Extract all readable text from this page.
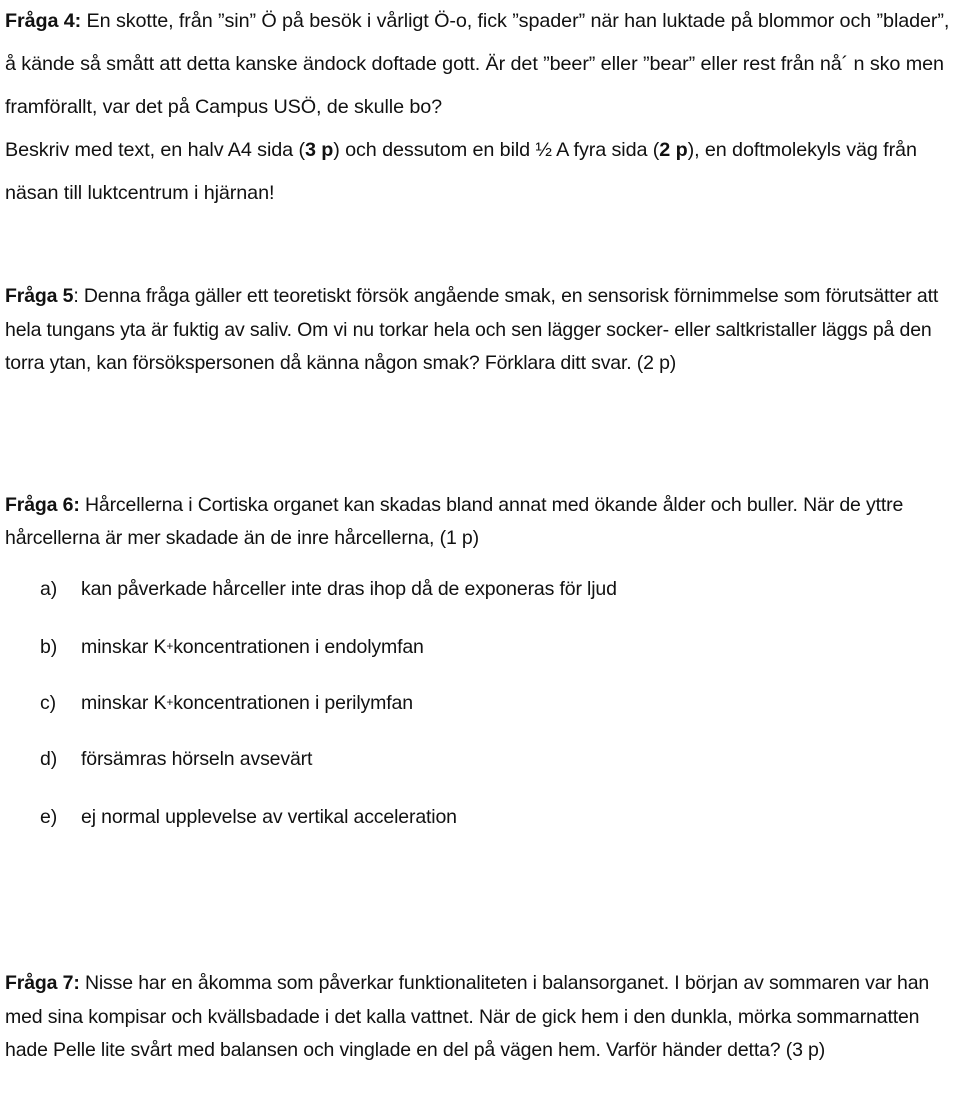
Fråga 4: En skotte, från ”sin” Ö på besök i vårligt Ö-o, fick ”spader” när han luktade på blommor och ”blader”, å kände så smått att detta kanske ändock doftade gott. Är det ”beer” eller ”bear” eller rest från nå´ n sko men framförallt, var det på Campus USÖ, de skulle bo?
Beskriv med text, en halv A4 sida (3 p) och dessutom en bild ½ A fyra sida (2 p), en doftmolekyls väg från näsan till luktcentrum i hjärnan!
Fråga 5: Denna fråga gäller ett teoretiskt försök angående smak, en sensorisk förnimmelse som förutsätter att hela tungans yta är fuktig av saliv. Om vi nu torkar hela och sen lägger socker- eller saltkristaller läggs på den torra ytan, kan försökspersonen då känna någon smak? Förklara ditt svar. (2 p)
Fråga 6: Hårcellerna i Cortiska organet kan skadas bland annat med ökande ålder och buller. När de yttre hårcellerna är mer skadade än de inre hårcellerna, (1 p)
a) kan påverkade hårceller inte dras ihop då de exponeras för ljud
b) minskar K+koncentrationen i endolymfan
c) minskar K+koncentrationen i perilymfan
d) försämras hörseln avsevärt
e) ej normal upplevelse av vertikal acceleration
Fråga 7: Nisse har en åkomma som påverkar funktionaliteten i balansorganet. I början av sommaren var han med sina kompisar och kvällsbadade i det kalla vattnet. När de gick hem i den dunkla, mörka sommarnatten hade Pelle lite svårt med balansen och vinglade en del på vägen hem. Varför händer detta? (3 p)
